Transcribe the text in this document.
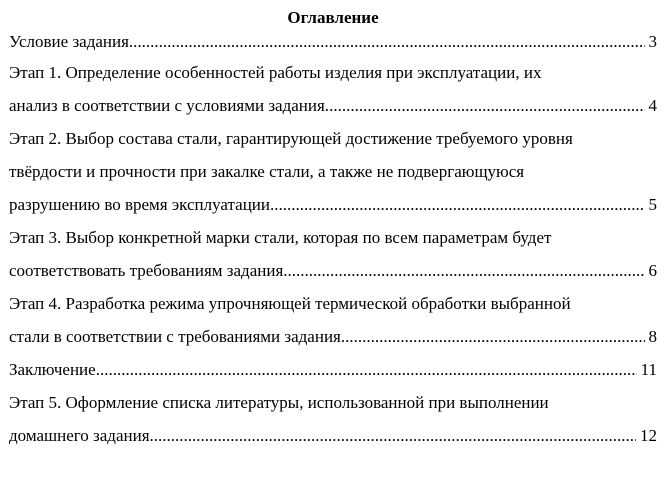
Оглавление
Условие задания .....	3
Этап 1. Определение особенностей работы изделия при эксплуатации, их
анализ в соответствии с условиями задания. .....	4
Этап 2. Выбор состава стали, гарантирующей достижение требуемого уровня
твёрдости и прочности при закалке стали, а также не подвергающуюся
разрушению во время эксплуатации .....	5
Этап 3. Выбор конкретной марки стали, которая по всем параметрам будет
соответствовать требованиям задания .....	6
Этап 4. Разработка режима упрочняющей термической обработки выбранной
стали в соответствии с требованиями задания. .....	8
Заключение. .....	11
Этап 5. Оформление списка литературы, использованной при выполнении
домашнего задания. .....	12
